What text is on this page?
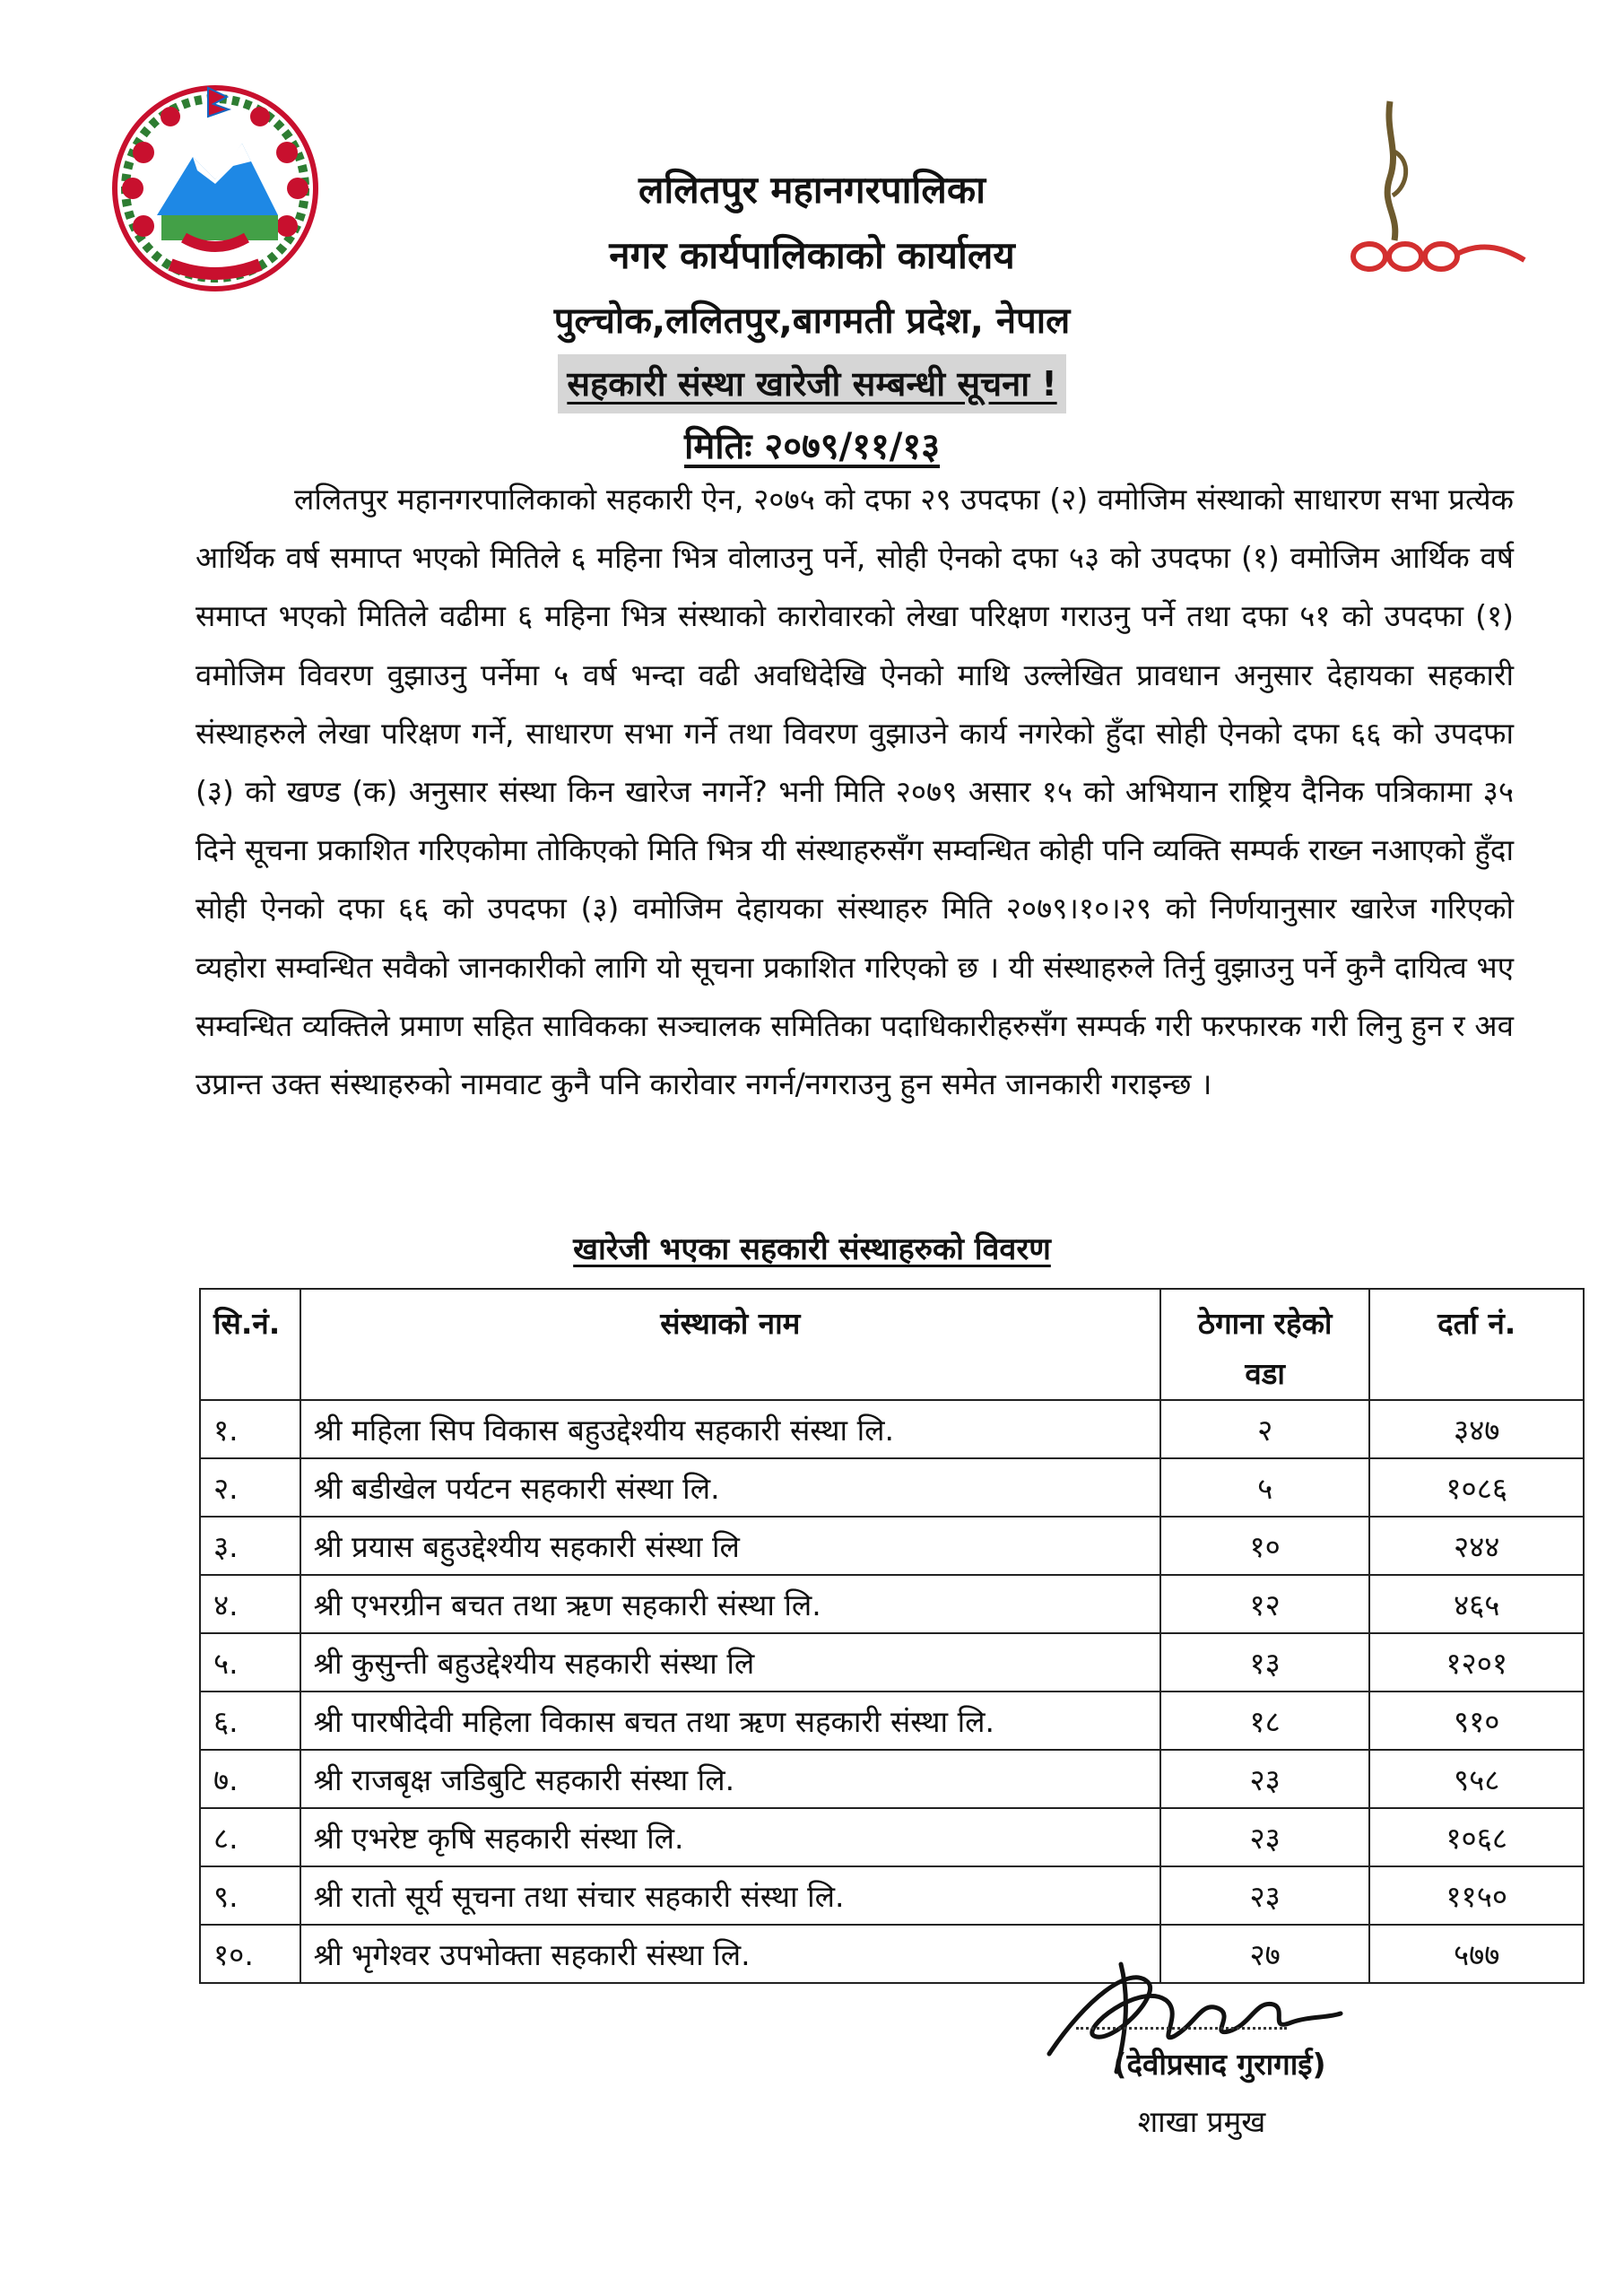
ललितपुर महानगरपालिका
नगर कार्यपालिकाको कार्यालय
पुल्चोक,ललितपुर,बागमती प्रदेश, नेपाल
सहकारी संस्था खारेजी सम्बन्धी सूचना !
मितिः २०७९/११/१३
ललितपुर महानगरपालिकाको सहकारी ऐन, २०७५ को दफा २९ उपदफा (२) वमोजिम संस्थाको साधारण सभा प्रत्येक आर्थिक वर्ष समाप्त भएको मितिले ६ महिना भित्र वोलाउनु पर्ने, सोही ऐनको दफा ५३ को उपदफा (१) वमोजिम आर्थिक वर्ष समाप्त भएको मितिले वढीमा ६ महिना भित्र संस्थाको कारोवारको लेखा परिक्षण गराउनु पर्ने तथा दफा ५१ को उपदफा (१) वमोजिम विवरण वुझाउनु पर्नेमा ५ वर्ष भन्दा वढी अवधिदेखि ऐनको माथि उल्लेखित प्रावधान अनुसार देहायका सहकारी संस्थाहरुले लेखा परिक्षण गर्ने, साधारण सभा गर्ने तथा विवरण वुझाउने कार्य नगरेको हुँदा सोही ऐनको दफा ६६ को उपदफा (३) को खण्ड (क) अनुसार संस्था किन खारेज नगर्ने? भनी मिति २०७९ असार १५ को अभियान राष्ट्रिय दैनिक पत्रिकामा ३५ दिने सूचना प्रकाशित गरिएकोमा तोकिएको मिति भित्र यी संस्थाहरुसँग सम्वन्धित कोही पनि व्यक्ति सम्पर्क राख्न नआएको हुँदा सोही ऐनको दफा ६६ को उपदफा (३) वमोजिम देहायका संस्थाहरु मिति २०७९।१०।२९ को निर्णयानुसार खारेज गरिएको व्यहोरा सम्वन्धित सवैको जानकारीको लागि यो सूचना प्रकाशित गरिएको छ । यी संस्थाहरुले तिर्नु वुझाउनु पर्ने कुनै दायित्व भए सम्वन्धित व्यक्तिले प्रमाण सहित साविकका सञ्चालक समितिका पदाधिकारीहरुसँग सम्पर्क गरी फरफारक गरी लिनु हुन र अव उप्रान्त उक्त संस्थाहरुको नामवाट कुनै पनि कारोवार नगर्न/नगराउनु हुन समेत जानकारी गराइन्छ ।
खारेजी भएका सहकारी संस्थाहरुको विवरण
सि.नं.	संस्थाको नाम	ठेगाना रहेको वडा	दर्ता नं.
१.	श्री महिला सिप विकास बहुउद्देश्यीय सहकारी संस्था लि.	२	३४७
२.	श्री बडीखेल पर्यटन सहकारी संस्था लि.	५	१०८६
३.	श्री प्रयास बहुउद्देश्यीय सहकारी संस्था लि	१०	२४४
४.	श्री एभरग्रीन बचत तथा ऋण सहकारी संस्था लि.	१२	४६५
५.	श्री कुसुन्ती बहुउद्देश्यीय सहकारी संस्था लि	१३	१२०१
६.	श्री पारषीदेवी महिला विकास बचत तथा ऋण सहकारी संस्था लि.	१८	९१०
७.	श्री राजबृक्ष जडिबुटि सहकारी संस्था लि.	२३	९५८
८.	श्री एभरेष्ट कृषि सहकारी संस्था लि.	२३	१०६८
९.	श्री रातो सूर्य सूचना तथा संचार सहकारी संस्था लि.	२३	११५०
१०.	श्री भृगेश्वर उपभोक्ता सहकारी संस्था लि.	२७	५७७
(देवीप्रसाद गुरागाई)
शाखा प्रमुख
